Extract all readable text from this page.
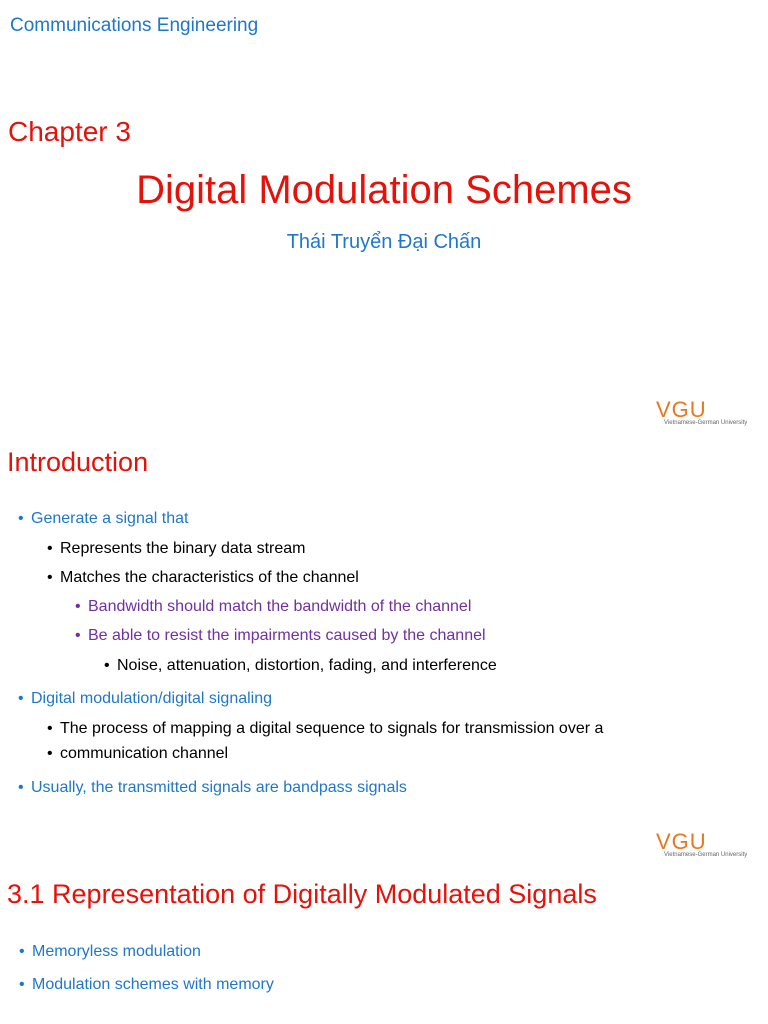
Communications Engineering
Chapter 3
Digital Modulation Schemes
Thái Truyển Đại Chấn
VGU
Vietnamese-German University
Introduction
• Generate a signal that
• Represents the binary data stream
• Matches the characteristics of the channel
• Bandwidth should match the bandwidth of the channel
• Be able to resist the impairments caused by the channel
• Noise, attenuation, distortion, fading, and interference
• Digital modulation/digital signaling
• The process of mapping a digital sequence to signals for transmission over a
• communication channel
• Usually, the transmitted signals are bandpass signals
VGU
Vietnamese-German University
3.1 Representation of Digitally Modulated Signals
• Memoryless modulation
• Modulation schemes with memory
